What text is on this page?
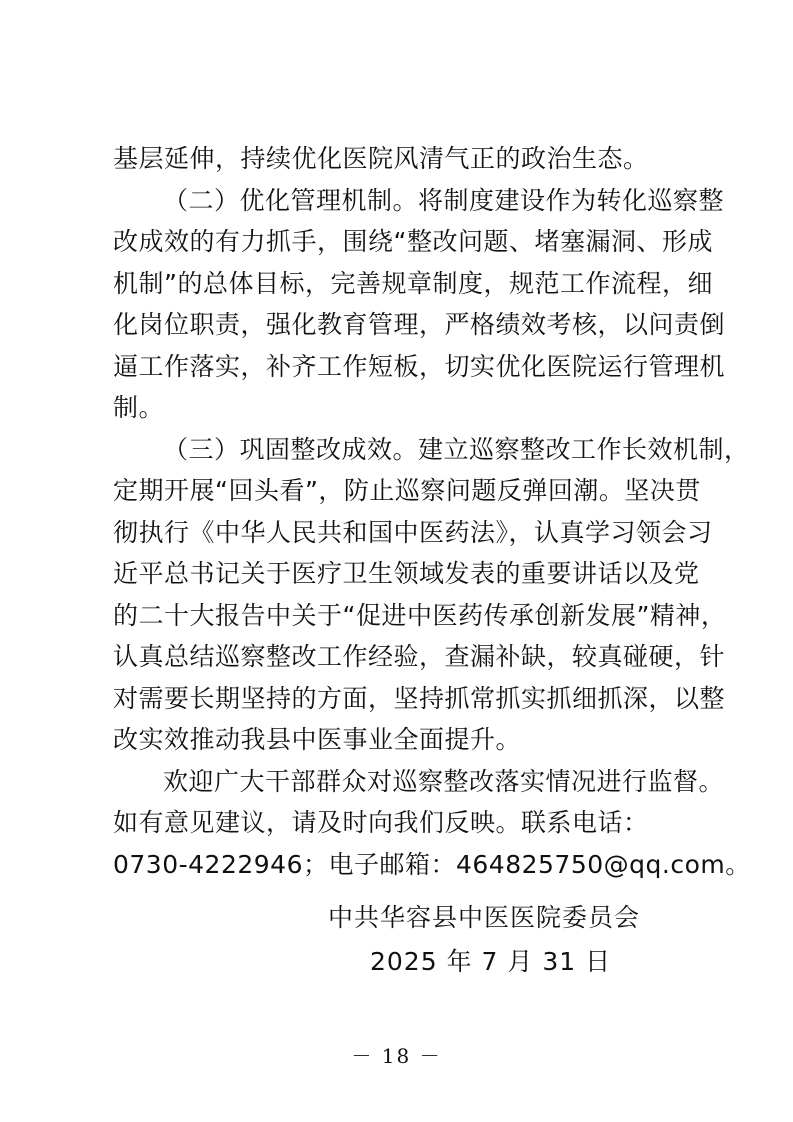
基层延伸，持续优化医院风清气正的政治生态。
（二）优化管理机制。将制度建设作为转化巡察整
改成效的有力抓手，围绕“整改问题、堵塞漏洞、形成
机制”的总体目标，完善规章制度，规范工作流程，细
化岗位职责，强化教育管理，严格绩效考核，以问责倒
逼工作落实，补齐工作短板，切实优化医院运行管理机
制。
（三）巩固整改成效。建立巡察整改工作长效机制，
定期开展“回头看”，防止巡察问题反弹回潮。坚决贯
彻执行《中华人民共和国中医药法》，认真学习领会习
近平总书记关于医疗卫生领域发表的重要讲话以及党
的二十大报告中关于“促进中医药传承创新发展”精神，
认真总结巡察整改工作经验，查漏补缺，较真碰硬，针
对需要长期坚持的方面，坚持抓常抓实抓细抓深，以整
改实效推动我县中医事业全面提升。
欢迎广大干部群众对巡察整改落实情况进行监督。
如有意见建议，请及时向我们反映。联系电话：
0730-4222946；电子邮箱：464825750@qq.com。
中共华容县中医医院委员会
2025 年 7 月 31 日
－ 18 －
